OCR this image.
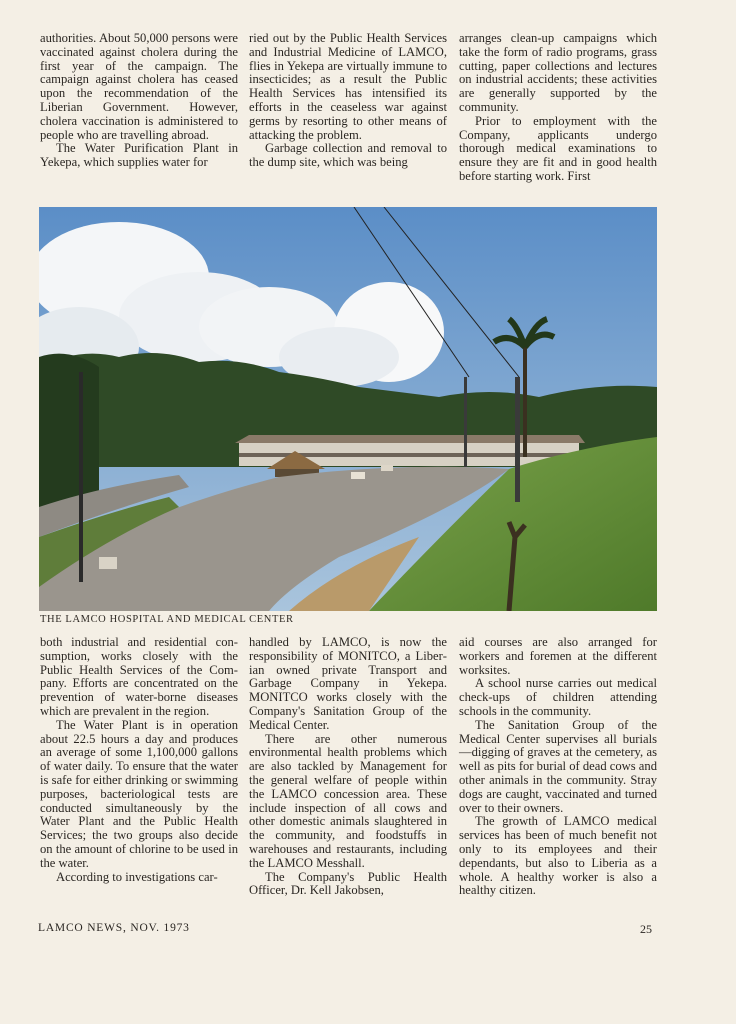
authorities. About 50,000 persons were vaccinated against cholera during the first year of the campaign. The campaign against cholera has ceased upon the recommendation of the Liberian Government. However, cholera vaccination is administered to people who are travelling abroad.

The Water Purification Plant in Yekepa, which supplies water for

ried out by the Public Health Services and Industrial Medicine of LAMCO, flies in Yekepa are virtually immune to insecticides; as a result the Public Health Services has intensified its efforts in the ceaseless war against germs by resorting to other means of attacking the problem.

Garbage collection and removal to the dump site, which was being

arranges clean-up campaigns which take the form of radio programs, grass cutting, paper collections and lectures on industrial accidents; these activities are generally supported by the community.

Prior to employment with the Company, applicants undergo thorough medical examinations to ensure they are fit and in good health before starting work. First

THE LAMCO HOSPITAL AND MEDICAL CENTER

both industrial and residential consumption, works closely with the Public Health Services of the Company. Efforts are concentrated on the prevention of water-borne diseases which are prevalent in the region.

The Water Plant is in operation about 22.5 hours a day and produces an average of some 1,100,000 gallons of water daily. To ensure that the water is safe for either drinking or swimming purposes, bacteriological tests are conducted simultaneously by the Water Plant and the Public Health Services; the two groups also decide on the amount of chlorine to be used in the water.

According to investigations car-

handled by LAMCO, is now the responsibility of MONITCO, a Liberian owned private Transport and Garbage Company in Yekepa. MONITCO works closely with the Company's Sanitation Group of the Medical Center.

There are other numerous environmental health problems which are also tackled by Management for the general welfare of people within the LAMCO concession area. These include inspection of all cows and other domestic animals slaughtered in the community, and foodstuffs in warehouses and restaurants, including the LAMCO Messhall.

The Company's Public Health Officer, Dr. Kell Jakobsen,

aid courses are also arranged for workers and foremen at the different worksites.

A school nurse carries out medical check-ups of children attending schools in the community.

The Sanitation Group of the Medical Center supervises all burials—digging of graves at the cemetery, as well as pits for burial of dead cows and other animals in the community. Stray dogs are caught, vaccinated and turned over to their owners.

The growth of LAMCO medical services has been of much benefit not only to its employees and their dependants, but also to Liberia as a whole. A healthy worker is also a healthy citizen.

LAMCO NEWS, NOV. 1973	25
